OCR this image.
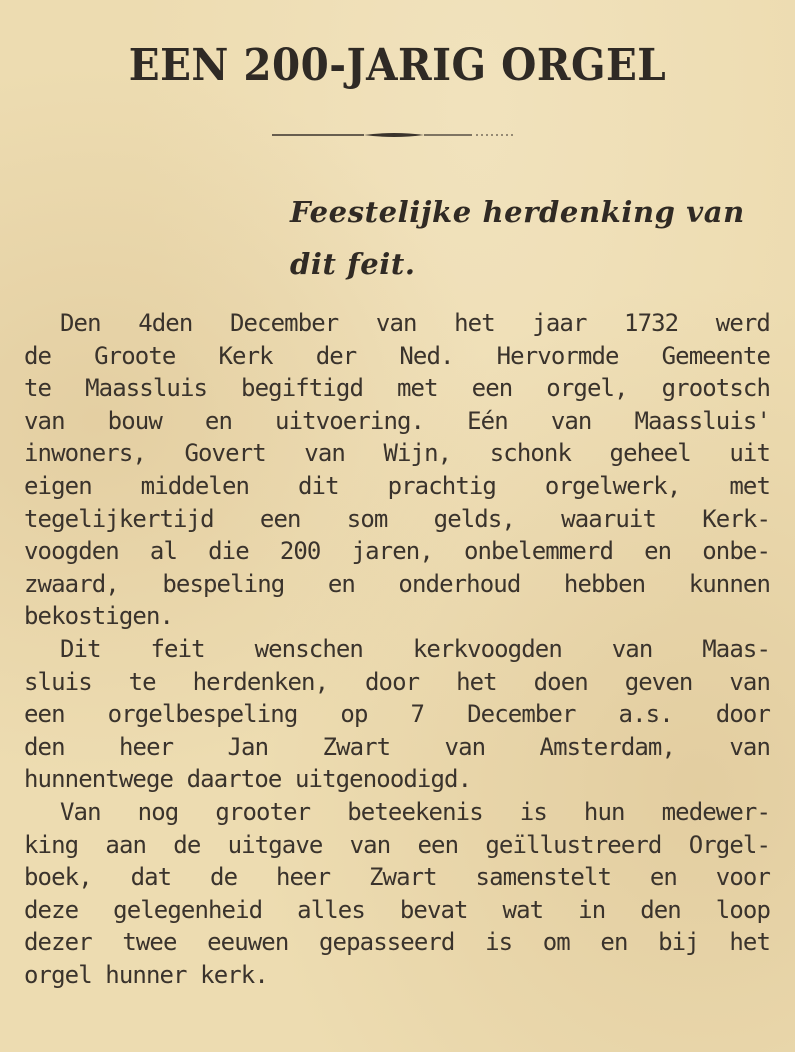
EEN 200-JARIG ORGEL
Feestelijke herdenking van
dit feit.
Den 4den December van het jaar 1732 werd
de Groote Kerk der Ned. Hervormde Gemeente
te Maassluis begiftigd met een orgel, grootsch
van bouw en uitvoering. Eén van Maassluis'
inwoners, Govert van Wijn, schonk geheel uit
eigen middelen dit prachtig orgelwerk, met
tegelijkertijd een som gelds, waaruit Kerk-
voogden al die 200 jaren, onbelemmerd en onbe-
zwaard, bespeling en onderhoud hebben kunnen
bekostigen.
Dit feit wenschen kerkvoogden van Maas-
sluis te herdenken, door het doen geven van
een orgelbespeling op 7 December a.s. door
den heer Jan Zwart van Amsterdam, van
hunnentwege daartoe uitgenoodigd.
Van nog grooter beteekenis is hun medewer-
king aan de uitgave van een geïllustreerd Orgel-
boek, dat de heer Zwart samenstelt en voor
deze gelegenheid alles bevat wat in den loop
dezer twee eeuwen gepasseerd is om en bij het
orgel hunner kerk.
